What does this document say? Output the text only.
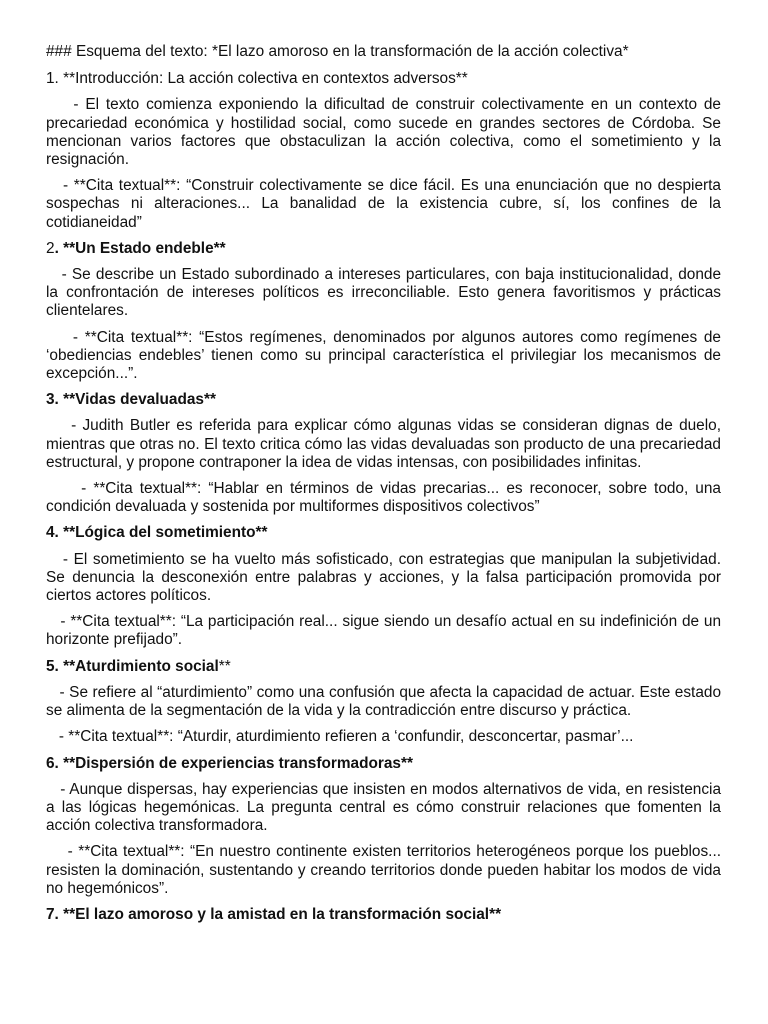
### Esquema del texto: *El lazo amoroso en la transformación de la acción colectiva*

1. **Introducción: La acción colectiva en contextos adversos**

- El texto comienza exponiendo la dificultad de construir colectivamente en un contexto de precariedad económica y hostilidad social, como sucede en grandes sectores de Córdoba. Se mencionan varios factores que obstaculizan la acción colectiva, como el sometimiento y la resignación.

- **Cita textual**: “Construir colectivamente se dice fácil. Es una enunciación que no despierta sospechas ni alteraciones... La banalidad de la existencia cubre, sí, los confines de la cotidianeidad”

2. **Un Estado endeble**

- Se describe un Estado subordinado a intereses particulares, con baja institucionalidad, donde la confrontación de intereses políticos es irreconciliable. Esto genera favoritismos y prácticas clientelares.

- **Cita textual**: “Estos regímenes, denominados por algunos autores como regímenes de ‘obediencias endebles’ tienen como su principal característica el privilegiar los mecanismos de excepción...”.

3. **Vidas devaluadas**

- Judith Butler es referida para explicar cómo algunas vidas se consideran dignas de duelo, mientras que otras no. El texto critica cómo las vidas devaluadas son producto de una precariedad estructural, y propone contraponer la idea de vidas intensas, con posibilidades infinitas.

- **Cita textual**: “Hablar en términos de vidas precarias... es reconocer, sobre todo, una condición devaluada y sostenida por multiformes dispositivos colectivos”

4. **Lógica del sometimiento**

- El sometimiento se ha vuelto más sofisticado, con estrategias que manipulan la subjetividad. Se denuncia la desconexión entre palabras y acciones, y la falsa participación promovida por ciertos actores políticos.

- **Cita textual**: “La participación real... sigue siendo un desafío actual en su indefinición de un horizonte prefijado”.

5. **Aturdimiento social**

- Se refiere al “aturdimiento” como una confusión que afecta la capacidad de actuar. Este estado se alimenta de la segmentación de la vida y la contradicción entre discurso y práctica.

- **Cita textual**: “Aturdir, aturdimiento refieren a ‘confundir, desconcertar, pasmar’...

6. **Dispersión de experiencias transformadoras**

- Aunque dispersas, hay experiencias que insisten en modos alternativos de vida, en resistencia a las lógicas hegemónicas. La pregunta central es cómo construir relaciones que fomenten la acción colectiva transformadora.

- **Cita textual**: “En nuestro continente existen territorios heterogéneos porque los pueblos... resisten la dominación, sustentando y creando territorios donde pueden habitar los modos de vida no hegemónicos”.

7. **El lazo amoroso y la amistad en la transformación social**
